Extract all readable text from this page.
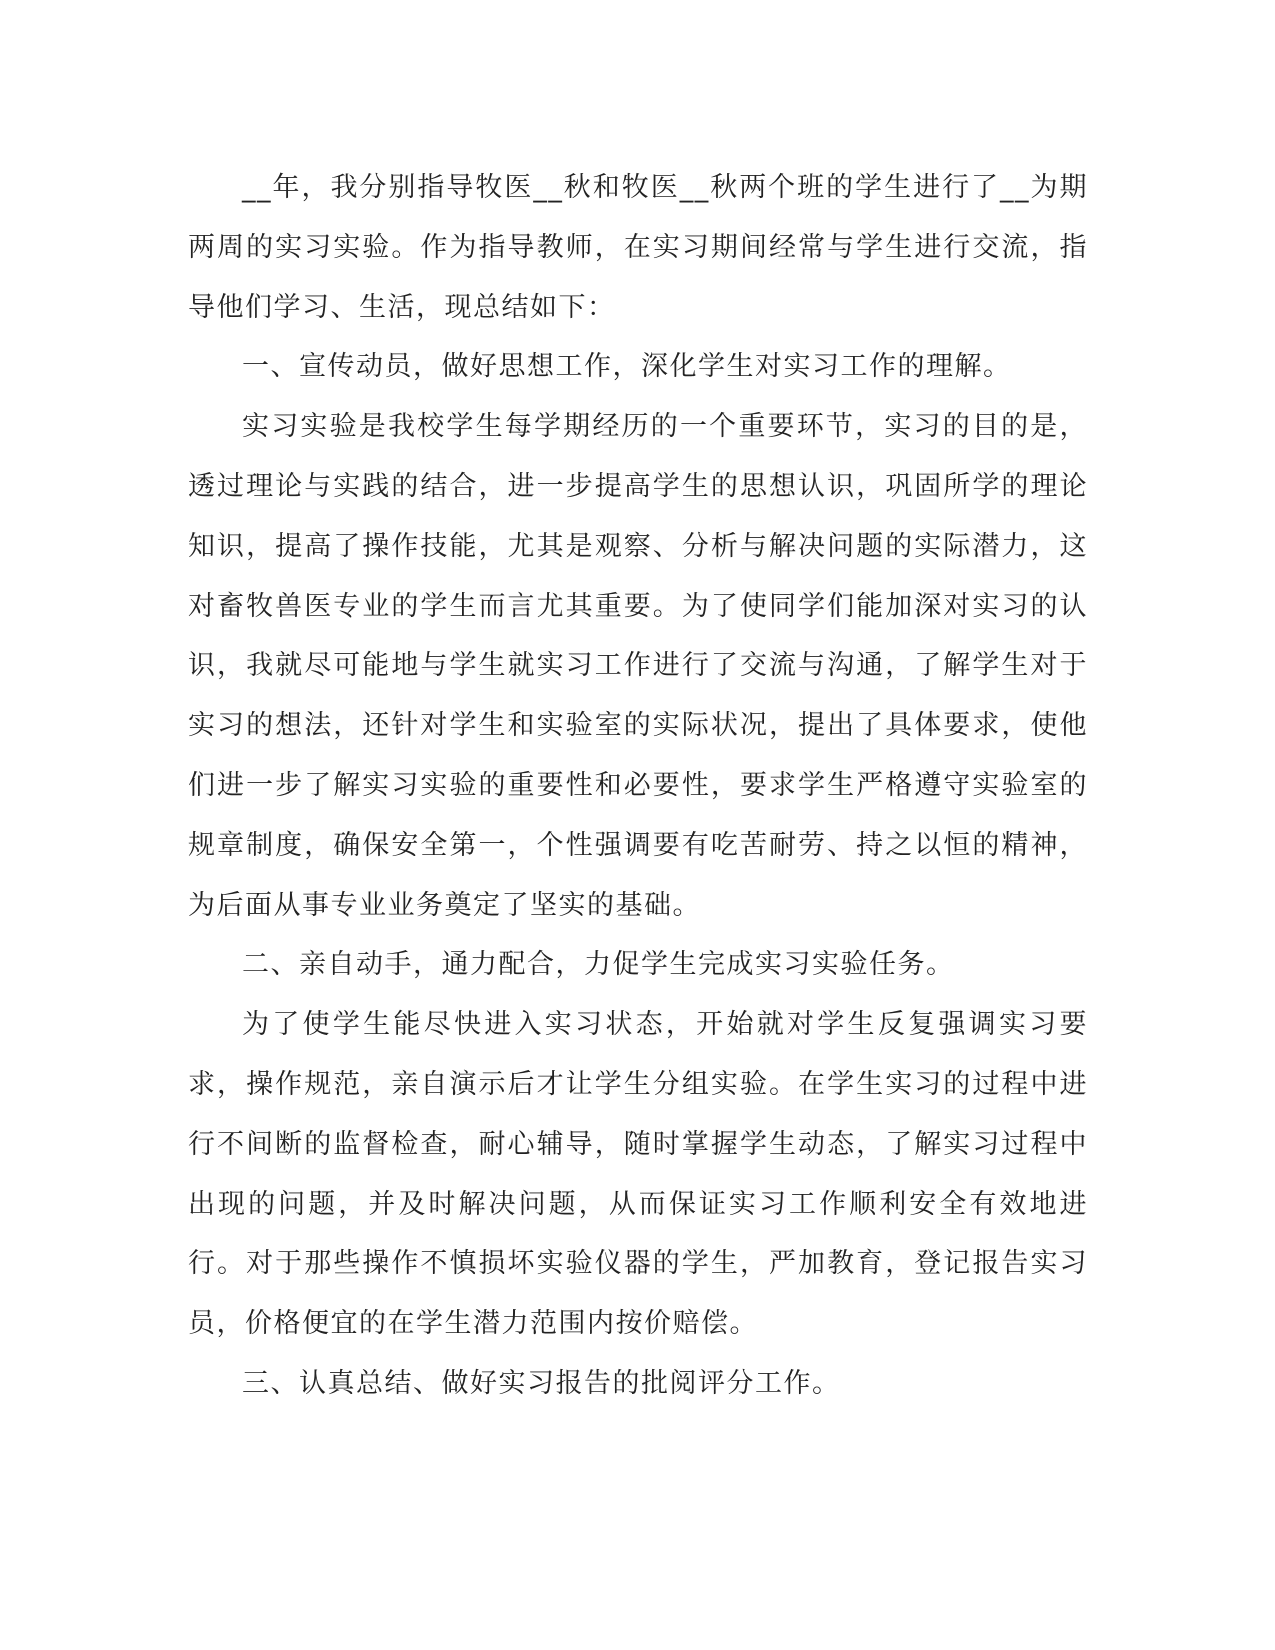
__年，我分别指导牧医__秋和牧医__秋两个班的学生进行了__为期两周的实习实验。作为指导教师，在实习期间经常与学生进行交流，指导他们学习、生活，现总结如下：

一、宣传动员，做好思想工作，深化学生对实习工作的理解。

实习实验是我校学生每学期经历的一个重要环节，实习的目的是，透过理论与实践的结合，进一步提高学生的思想认识，巩固所学的理论知识，提高了操作技能，尤其是观察、分析与解决问题的实际潜力，这对畜牧兽医专业的学生而言尤其重要。为了使同学们能加深对实习的认识，我就尽可能地与学生就实习工作进行了交流与沟通，了解学生对于实习的想法，还针对学生和实验室的实际状况，提出了具体要求，使他们进一步了解实习实验的重要性和必要性，要求学生严格遵守实验室的规章制度，确保安全第一，个性强调要有吃苦耐劳、持之以恒的精神，为后面从事专业业务奠定了坚实的基础。

二、亲自动手，通力配合，力促学生完成实习实验任务。

为了使学生能尽快进入实习状态，开始就对学生反复强调实习要求，操作规范，亲自演示后才让学生分组实验。在学生实习的过程中进行不间断的监督检查，耐心辅导，随时掌握学生动态，了解实习过程中出现的问题，并及时解决问题，从而保证实习工作顺利安全有效地进行。对于那些操作不慎损坏实验仪器的学生，严加教育，登记报告实习员，价格便宜的在学生潜力范围内按价赔偿。

三、认真总结、做好实习报告的批阅评分工作。
